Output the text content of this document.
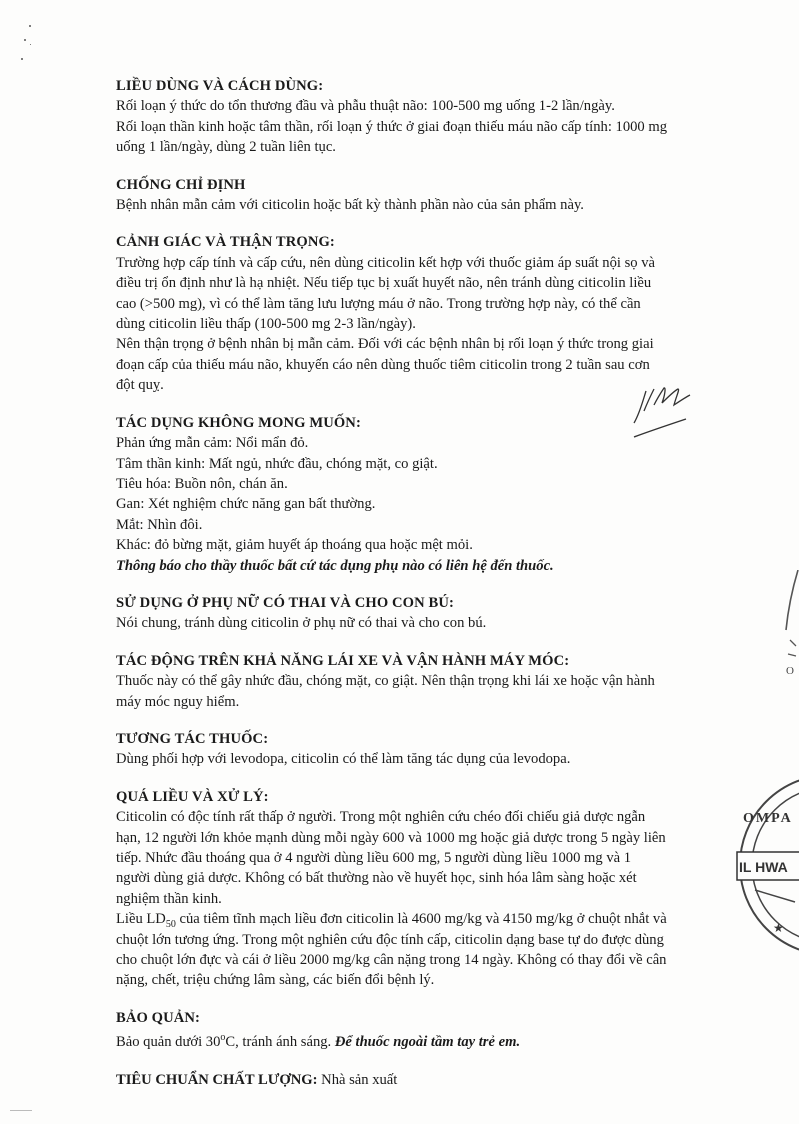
OMPA
IL HWA
★
O
LIỀU DÙNG VÀ CÁCH DÙNG:
Rối loạn ý thức do tổn thương đầu và phẫu thuật não: 100-500 mg uống 1-2 lần/ngày.
Rối loạn thần kinh hoặc tâm thần, rối loạn ý thức ở giai đoạn thiếu máu não cấp tính: 1000 mg
uống 1 lần/ngày, dùng 2 tuần liên tục.
CHỐNG CHỈ ĐỊNH
Bệnh nhân mẫn cảm với citicolin hoặc bất kỳ thành phần nào của sản phẩm này.
CẢNH GIÁC VÀ THẬN TRỌNG:
Trường hợp cấp tính và cấp cứu, nên dùng citicolin kết hợp với thuốc giảm áp suất nội sọ và
điều trị ổn định như là hạ nhiệt. Nếu tiếp tục bị xuất huyết não, nên tránh dùng citicolin liều
cao (>500 mg), vì có thể làm tăng lưu lượng máu ở não. Trong trường hợp này, có thể cần
dùng citicolin liều thấp (100-500 mg 2-3 lần/ngày).
Nên thận trọng ở bệnh nhân bị mẫn cảm. Đối với các bệnh nhân bị rối loạn ý thức trong giai
đoạn cấp của thiếu máu não, khuyến cáo nên dùng thuốc tiêm citicolin trong 2 tuần sau cơn
đột quỵ.
TÁC DỤNG KHÔNG MONG MUỐN:
Phản ứng mẫn cảm: Nổi mẩn đỏ.
Tâm thần kinh: Mất ngủ, nhức đầu, chóng mặt, co giật.
Tiêu hóa: Buồn nôn, chán ăn.
Gan: Xét nghiệm chức năng gan bất thường.
Mắt: Nhìn đôi.
Khác: đỏ bừng mặt, giảm huyết áp thoáng qua hoặc mệt mỏi.
Thông báo cho thầy thuốc bất cứ tác dụng phụ nào có liên hệ đến thuốc.
SỬ DỤNG Ở PHỤ NỮ CÓ THAI VÀ CHO CON BÚ:
Nói chung, tránh dùng citicolin ở phụ nữ có thai và cho con bú.
TÁC ĐỘNG TRÊN KHẢ NĂNG LÁI XE VÀ VẬN HÀNH MÁY MÓC:
Thuốc này có thể gây nhức đầu, chóng mặt, co giật. Nên thận trọng khi lái xe hoặc vận hành
máy móc nguy hiểm.
TƯƠNG TÁC THUỐC:
Dùng phối hợp với levodopa, citicolin có thể làm tăng tác dụng của levodopa.
QUÁ LIỀU VÀ XỬ LÝ:
Citicolin có độc tính rất thấp ở người. Trong một nghiên cứu chéo đối chiếu giả dược ngẫn
hạn, 12 người lớn khỏe mạnh dùng mỗi ngày 600 và 1000 mg hoặc giả dược trong 5 ngày liên
tiếp. Nhức đầu thoáng qua ở 4 người dùng liều 600 mg, 5 người dùng liều 1000 mg và 1
người dùng giả dược. Không có bất thường nào về huyết học, sinh hóa lâm sàng hoặc xét
nghiệm thần kinh.
Liều $LD_{50}$ của tiêm tĩnh mạch liều đơn citicolin là 4600 mg/kg và 4150 mg/kg ở chuột nhắt và
chuột lớn tương ứng. Trong một nghiên cứu độc tính cấp, citicolin dạng base tự do được dùng
cho chuột lớn đực và cái ở liều 2000 mg/kg cân nặng trong 14 ngày. Không có thay đổi về cân
nặng, chết, triệu chứng lâm sàng, các biến đổi bệnh lý.
BẢO QUẢN:
Bảo quản dưới 30$^o$C, tránh ánh sáng. Để thuốc ngoài tầm tay trẻ em.
TIÊU CHUẨN CHẤT LƯỢNG: Nhà sản xuất
